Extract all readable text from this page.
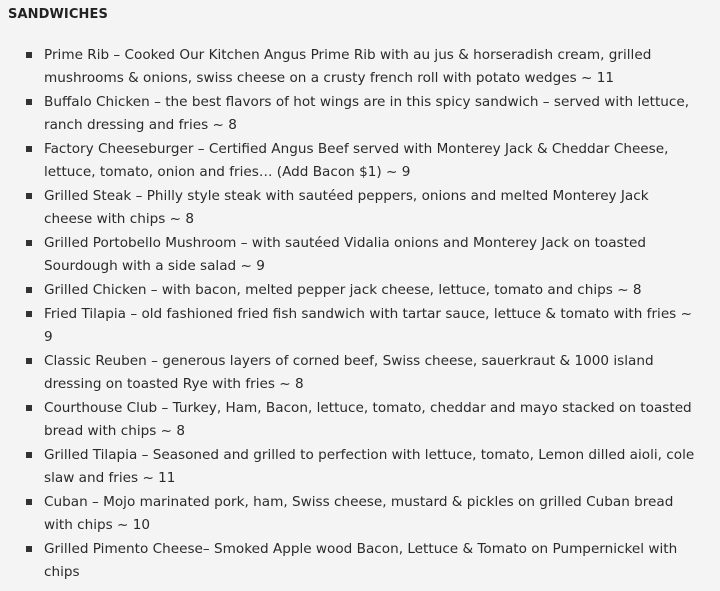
SANDWICHES
Prime Rib – Cooked Our Kitchen Angus Prime Rib with au jus & horseradish cream, grilled mushrooms & onions, swiss cheese on a crusty french roll with potato wedges ~ 11
Buffalo Chicken – the best flavors of hot wings are in this spicy sandwich – served with lettuce, ranch dressing and fries ~ 8
Factory Cheeseburger – Certified Angus Beef served with Monterey Jack & Cheddar Cheese, lettuce, tomato, onion and fries… (Add Bacon $1) ~ 9
Grilled Steak – Philly style steak with sautéed peppers, onions and melted Monterey Jack cheese with chips ~ 8
Grilled Portobello Mushroom – with sautéed Vidalia onions and Monterey Jack on toasted Sourdough with a side salad ~ 9
Grilled Chicken – with bacon, melted pepper jack cheese, lettuce, tomato and chips ~ 8
Fried Tilapia – old fashioned fried fish sandwich with tartar sauce, lettuce & tomato with fries ~ 9
Classic Reuben – generous layers of corned beef, Swiss cheese, sauerkraut & 1000 island dressing on toasted Rye with fries ~ 8
Courthouse Club – Turkey, Ham, Bacon, lettuce, tomato, cheddar and mayo stacked on toasted bread with chips ~ 8
Grilled Tilapia – Seasoned and grilled to perfection with lettuce, tomato, Lemon dilled aioli, cole slaw and fries ~ 11
Cuban – Mojo marinated pork, ham, Swiss cheese, mustard & pickles on grilled Cuban bread with chips ~ 10
Grilled Pimento Cheese– Smoked Apple wood Bacon, Lettuce & Tomato on Pumpernickel with chips
